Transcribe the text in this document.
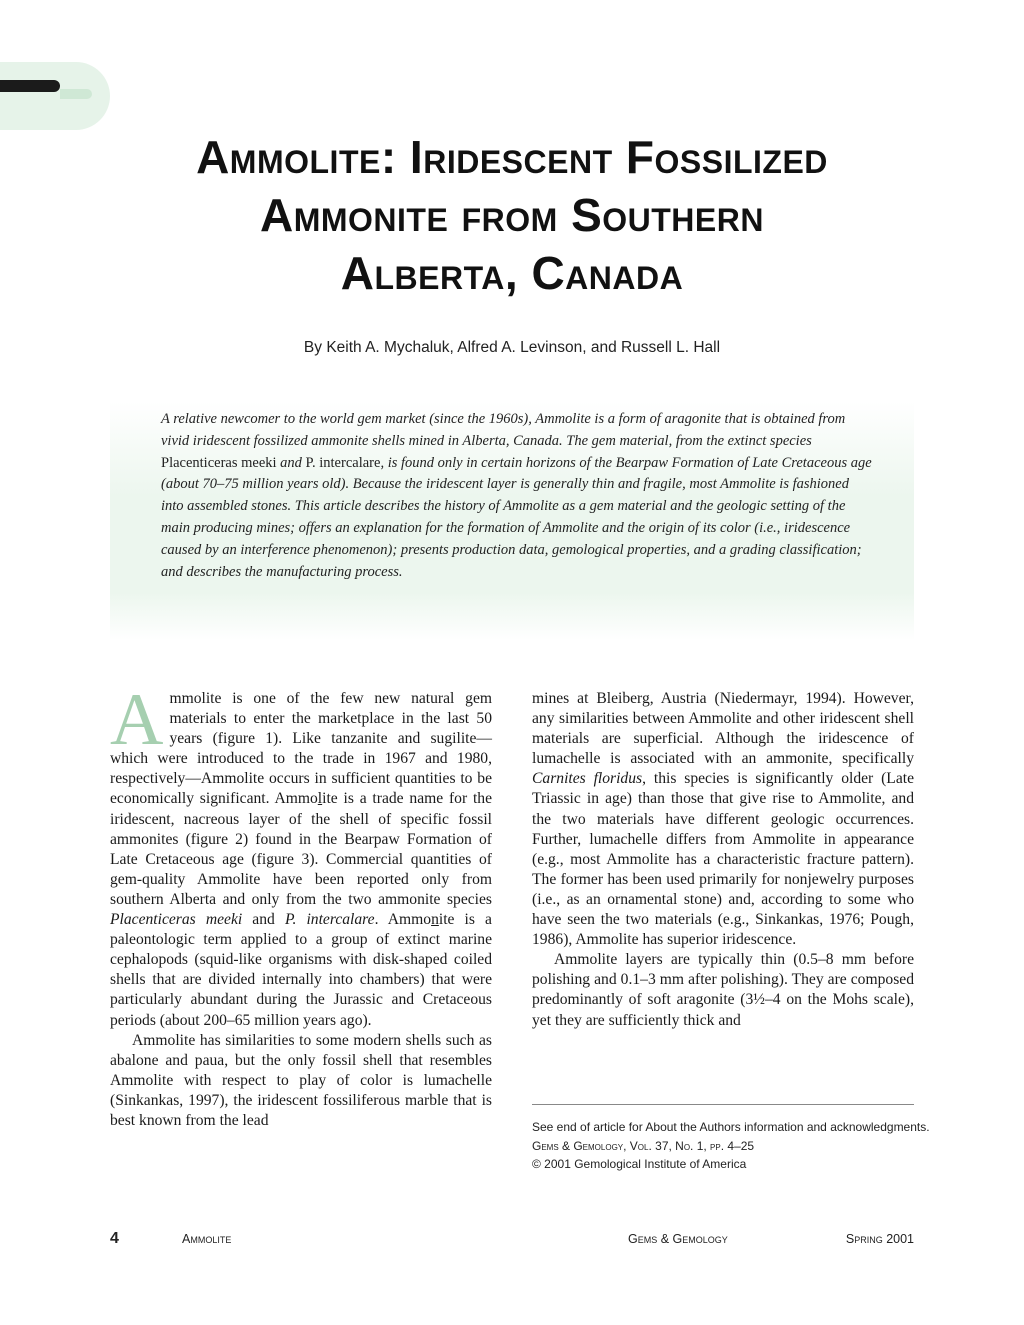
Ammolite: Iridescent Fossilized
Ammonite from Southern
Alberta, Canada

By Keith A. Mychaluk, Alfred A. Levinson, and Russell L. Hall

A relative newcomer to the world gem market (since the 1960s), Ammolite is a form of aragonite that is obtained from vivid iridescent fossilized ammonite shells mined in Alberta, Canada. The gem material, from the extinct species Placenticeras meeki and P. intercalare, is found only in certain horizons of the Bearpaw Formation of Late Cretaceous age (about 70–75 million years old). Because the iridescent layer is generally thin and fragile, most Ammolite is fashioned into assembled stones. This article describes the history of Ammolite as a gem material and the geologic setting of the main producing mines; offers an explanation for the formation of Ammolite and the origin of its color (i.e., iridescence caused by an interference phenomenon); presents production data, gemological properties, and a grading classification; and describes the manufacturing process.

Ammolite is one of the few new natural gem materials to enter the marketplace in the last 50 years (figure 1). Like tanzanite and sugilite—which were introduced to the trade in 1967 and 1980, respectively—Ammolite occurs in sufficient quantities to be economically significant. Ammolite is a trade name for the iridescent, nacreous layer of the shell of specific fossil ammonites (figure 2) found in the Bearpaw Formation of Late Cretaceous age (figure 3). Commercial quantities of gem-quality Ammolite have been reported only from southern Alberta and only from the two ammonite species Placenticeras meeki and P. intercalare. Ammonite is a paleontologic term applied to a group of extinct marine cephalopods (squid-like organisms with disk-shaped coiled shells that are divided internally into chambers) that were particularly abundant during the Jurassic and Cretaceous periods (about 200–65 million years ago).

Ammolite has similarities to some modern shells such as abalone and paua, but the only fossil shell that resembles Ammolite with respect to play of color is lumachelle (Sinkankas, 1997), the iridescent fossiliferous marble that is best known from the lead

mines at Bleiberg, Austria (Niedermayr, 1994). However, any similarities between Ammolite and other iridescent shell materials are superficial. Although the iridescence of lumachelle is associated with an ammonite, specifically Carnites floridus, this species is significantly older (Late Triassic in age) than those that give rise to Ammolite, and the two materials have different geologic occurrences. Further, lumachelle differs from Ammolite in appearance (e.g., most Ammolite has a characteristic fracture pattern). The former has been used primarily for nonjewelry purposes (i.e., as an ornamental stone) and, according to some who have seen the two materials (e.g., Sinkankas, 1976; Pough, 1986), Ammolite has superior iridescence.

Ammolite layers are typically thin (0.5–8 mm before polishing and 0.1–3 mm after polishing). They are composed predominantly of soft aragonite (3½–4 on the Mohs scale), yet they are sufficiently thick and

See end of article for About the Authors information and acknowledgments.
Gems & Gemology, Vol. 37, No. 1, pp. 4–25
© 2001 Gemological Institute of America
4	Ammolite	Gems & Gemology	Spring 2001
